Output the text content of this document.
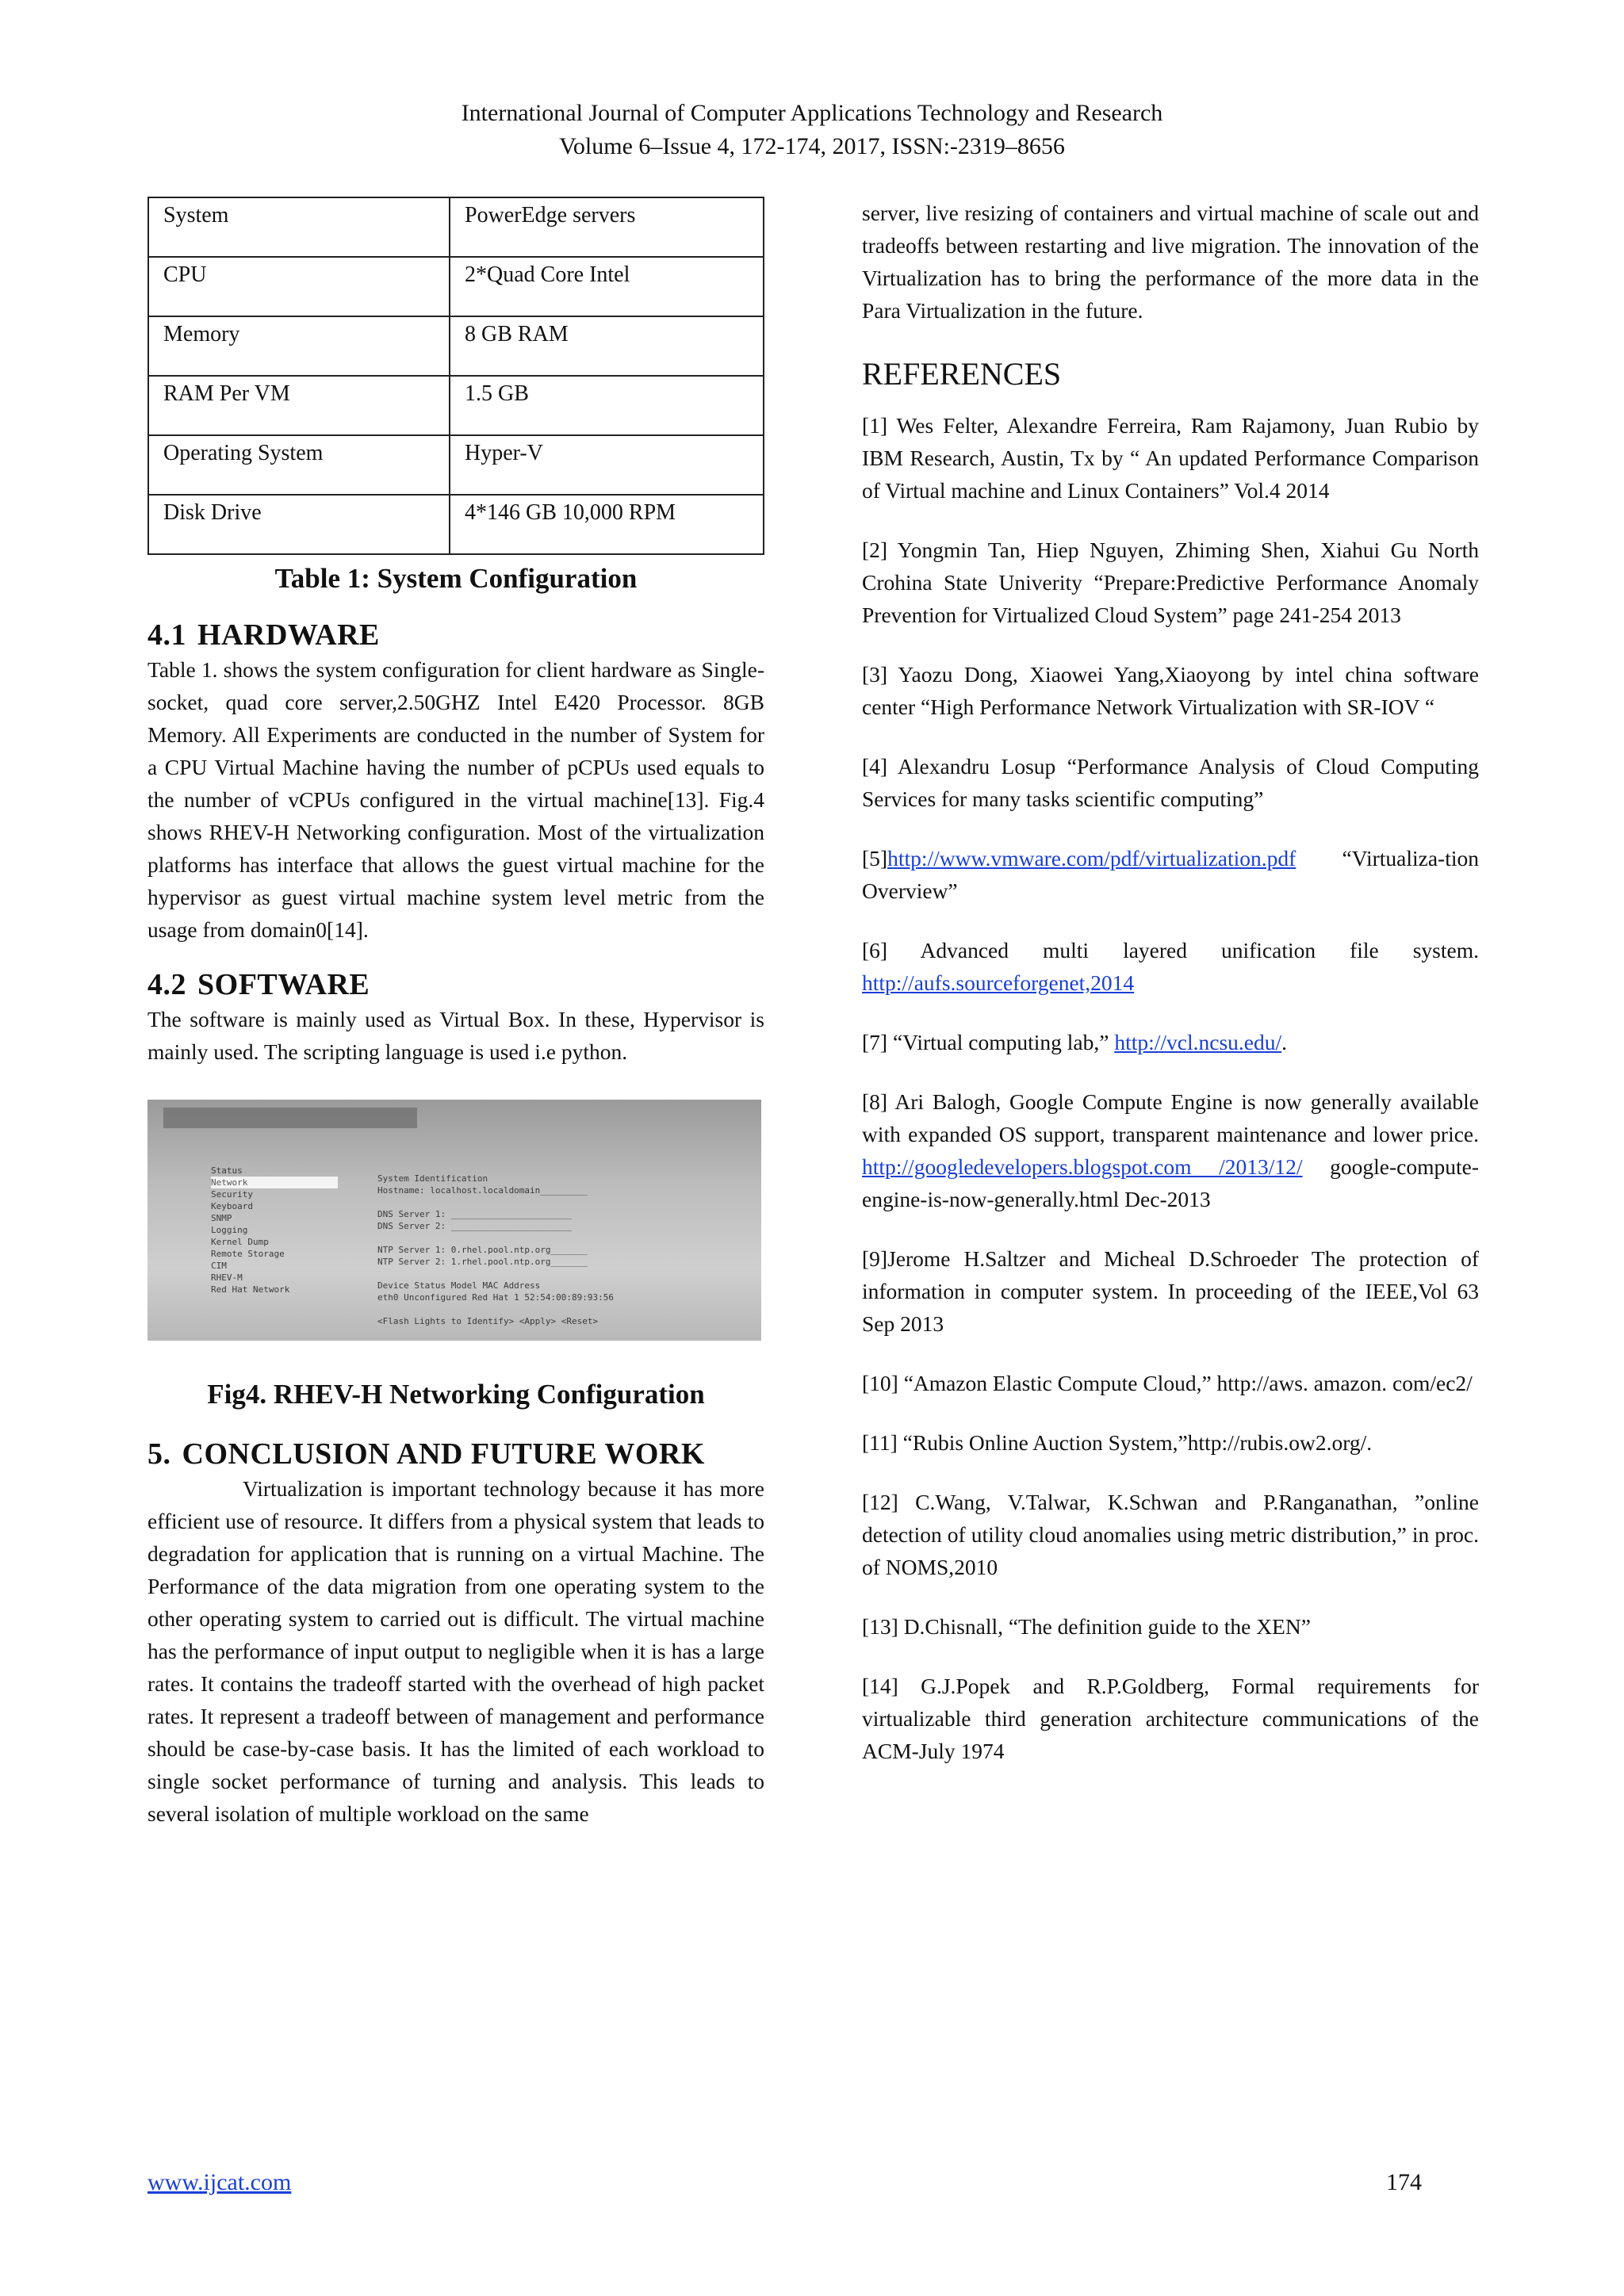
International Journal of Computer Applications Technology and Research
Volume 6–Issue 4, 172-174, 2017, ISSN:-2319–8656
System	PowerEdge servers
CPU	2*Quad Core Intel
Memory	8 GB RAM
RAM Per VM	1.5 GB
Operating System	Hyper-V
Disk Drive	4*146 GB 10,000 RPM
Table 1: System Configuration
4.1 HARDWARE

Table 1. shows the system configuration for client hardware as Single-socket, quad core server,2.50GHZ Intel E420 Processor. 8GB Memory. All Experiments are conducted in the number of System for a CPU Virtual Machine having the number of pCPUs used equals to the number of vCPUs configured in the virtual machine[13]. Fig.4 shows RHEV-H Networking configuration. Most of the virtualization platforms has interface that allows the guest virtual machine for the hypervisor as guest virtual machine system level metric from the usage from domain0[14].

4.2 SOFTWARE

The software is mainly used as Virtual Box. In these, Hypervisor is mainly used. The scripting language is used i.e python.

Status
Network
Security
Keyboard
SNMP
Logging
Kernel Dump
Remote Storage
CIM
RHEV-M
Red Hat Network
System Identification
Hostname: localhost.localdomain_________
DNS Server 1: _______________________
DNS Server 2: _______________________
NTP Server 1: 0.rhel.pool.ntp.org_______
NTP Server 2: 1.rhel.pool.ntp.org_______
Device Status Model MAC Address
eth0 Unconfigured Red Hat 1 52:54:00:89:93:56
<Flash Lights to Identify> <Apply> <Reset>
Fig4. RHEV-H Networking Configuration
5. CONCLUSION AND FUTURE WORK

Virtualization is important technology because it has more efficient use of resource. It differs from a physical system that leads to degradation for application that is running on a virtual Machine. The Performance of the data migration from one operating system to the other operating system to carried out is difficult. The virtual machine has the performance of input output to negligible when it is has a large rates. It contains the tradeoff started with the overhead of high packet rates. It represent a tradeoff between of management and performance should be case-by-case basis. It has the limited of each workload to single socket performance of turning and analysis. This leads to several isolation of multiple workload on the same

server, live resizing of containers and virtual machine of scale out and tradeoffs between restarting and live migration. The innovation of the Virtualization has to bring the performance of the more data in the Para Virtualization in the future.

REFERENCES

[1] Wes Felter, Alexandre Ferreira, Ram Rajamony, Juan Rubio by IBM Research, Austin, Tx by “ An updated Performance Comparison of Virtual machine and Linux Containers” Vol.4 2014

[2] Yongmin Tan, Hiep Nguyen, Zhiming Shen, Xiahui Gu North Crohina State Univerity “Prepare:Predictive Performance Anomaly Prevention for Virtualized Cloud System” page 241-254 2013

[3] Yaozu Dong, Xiaowei Yang,Xiaoyong by intel china software center “High Performance Network Virtualization with SR-IOV “

[4] Alexandru Losup “Performance Analysis of Cloud Computing Services for many tasks scientific computing”

[5]http://www.vmware.com/pdf/virtualization.pdf “Virtualiza-tion Overview”

[6] Advanced multi layered unification file system. http://aufs.sourceforgenet,2014

[7] “Virtual computing lab,” http://vcl.ncsu.edu/.

[8] Ari Balogh, Google Compute Engine is now generally available with expanded OS support, transparent maintenance and lower price. http://googledevelopers.blogspot.com /2013/12/ google-compute-engine-is-now-generally.html Dec-2013

[9]Jerome H.Saltzer and Micheal D.Schroeder The protection of information in computer system. In proceeding of the IEEE,Vol 63 Sep 2013

[10] “Amazon Elastic Compute Cloud,” http://aws. amazon. com/ec2/

[11] “Rubis Online Auction System,”http://rubis.ow2.org/.

[12] C.Wang, V.Talwar, K.Schwan and P.Ranganathan, ”online detection of utility cloud anomalies using metric distribution,” in proc. of NOMS,2010

[13] D.Chisnall, “The definition guide to the XEN”

[14] G.J.Popek and R.P.Goldberg, Formal requirements for virtualizable third generation architecture communications of the ACM-July 1974

www.ijcat.com	174
